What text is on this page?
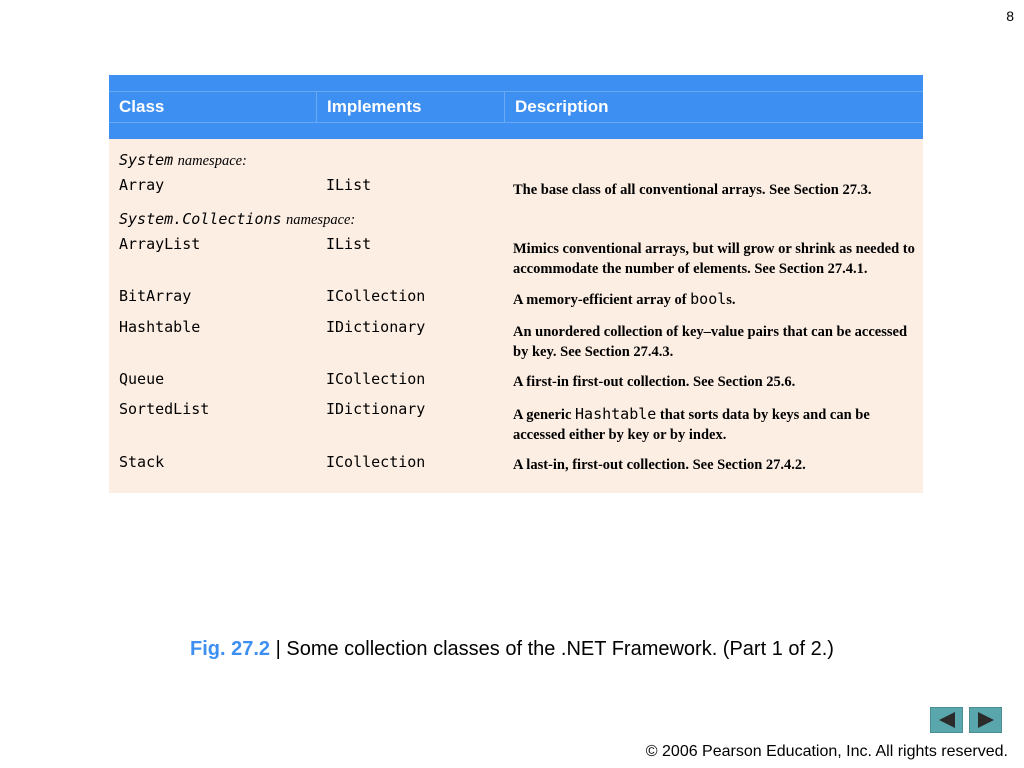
8
Class	Implements	Description
System namespace:
Array	IList	The base class of all conventional arrays. See Section 27.3.
System.Collections namespace:
ArrayList	IList	Mimics conventional arrays, but will grow or shrink as needed to accommodate the number of elements. See Section 27.4.1.
BitArray	ICollection	A memory-efficient array of bools.
Hashtable	IDictionary	An unordered collection of key–value pairs that can be accessed by key. See Section 27.4.3.
Queue	ICollection	A first-in first-out collection. See Section 25.6.
SortedList	IDictionary	A generic Hashtable that sorts data by keys and can be accessed either by key or by index.
Stack	ICollection	A last-in, first-out collection. See Section 27.4.2.
Fig. 27.2 | Some collection classes of the .NET Framework. (Part 1 of 2.)
© 2006 Pearson Education, Inc. All rights reserved.
